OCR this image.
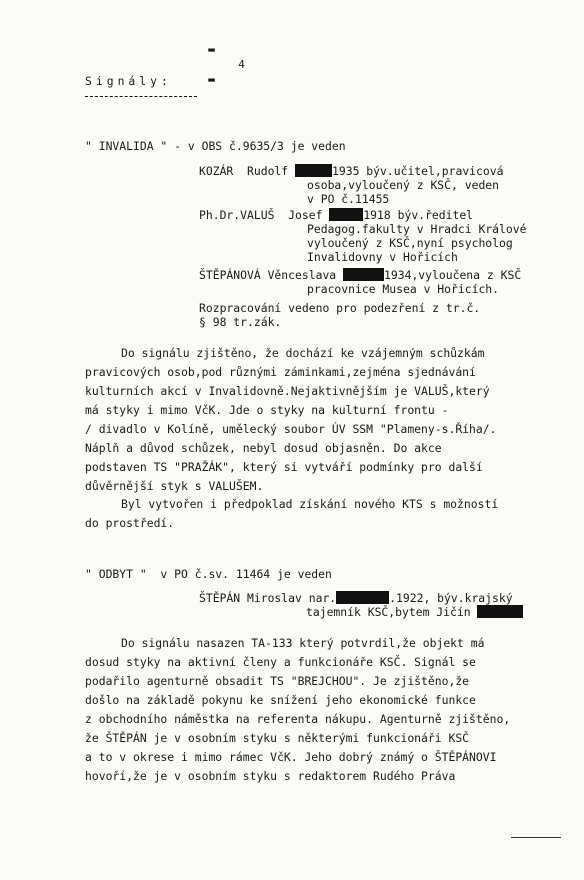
▬
4
▬

Signály:
" INVALIDA " - v OBS č.9635/3 je veden
KOZÁR  Rudolf	1935 býv.učitel,pravicová
osoba,vyloučený z KSČ, veden
v PO č.11455
Ph.Dr.VALUŠ  Josef	1918 býv.ředitel
Pedagog.fakulty v Hradci Králové
vyloučený z KSČ,nyní psycholog
Invalidovny v Hořicích
ŠTĚPÁNOVÁ Věnceslava	1934,vyloučena z KSČ
pracovnice Musea v Hořicích.
Rozpracování vedeno pro podezření z tr.č.
§ 98 tr.zák.
Do signálu zjištěno, že dochází ke vzájemným schůzkám
pravicových osob,pod různými záminkami,zejména sjednávání
kulturních akcí v Invalidovně.Nejaktivnějším je VALUŠ,který
má styky i mimo VčK. Jde o styky na kulturní frontu -
/ divadlo v Kolíně, umělecký soubor ÚV SSM "Plameny-s.Říha/.
Náplň a důvod schůzek, nebyl dosud objasněn. Do akce
podstaven TS "PRAŽÁK", který si vytváří podmínky pro další
důvěrnější styk s VALUŠEM.
Byl vytvořen i předpoklad získání nového KTS s možností
do prostředí.
" ODBYT "  v PO č.sv. 11464 je veden
ŠTĚPÁN Miroslav nar.	.1922, býv.krajský
tajemník KSČ,bytem Jičín
Do signálu nasazen TA-133 který potvrdil,že objekt má
dosud styky na aktivní členy a funkcionáře KSČ. Signál se
podařilo agenturně obsadit TS "BREJCHOU". Je zjištěno,že
došlo na základě pokynu ke snížení jeho ekonomické funkce
z obchodního náměstka na referenta nákupu. Agenturně zjištěno,
že ŠTĚPÁN je v osobním styku s některými funkcionáři KSČ
a to v okrese i mimo rámec VčK. Jeho dobrý známý o ŠTĚPÁNOVI
hovoří,že je v osobním styku s redaktorem Rudého Práva
